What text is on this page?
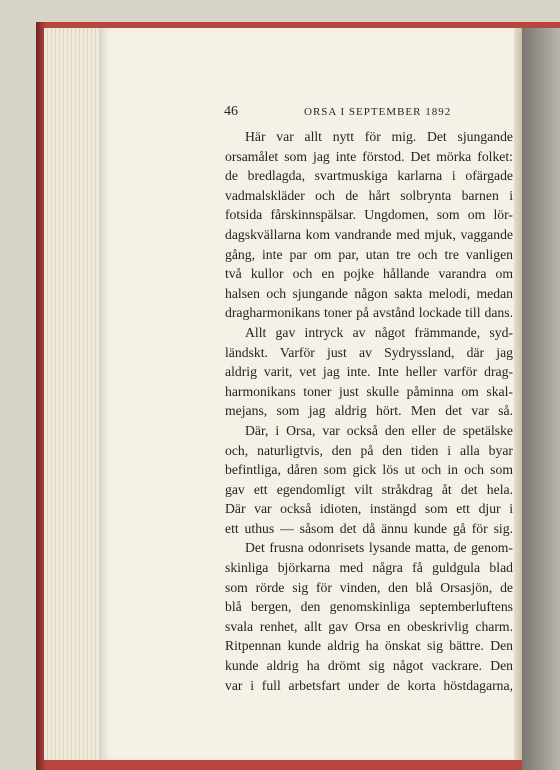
46	ORSA I SEPTEMBER 1892

Här var allt nytt för mig. Det sjungande
orsamålet som jag inte förstod. Det mörka folket:
de bredlagda, svartmuskiga karlarna i ofärgade
vadmalskläder och de hårt solbrynta barnen i
fotsida fårskinnspälsar. Ungdomen, som om lör-
dagskvällarna kom vandrande med mjuk, vaggande
gång, inte par om par, utan tre och tre vanligen
två kullor och en pojke hållande varandra om
halsen och sjungande någon sakta melodi, medan
dragharmonikans toner på avstånd lockade till dans.

Allt gav intryck av något främmande, syd-
ländskt. Varför just av Sydryssland, där jag
aldrig varit, vet jag inte. Inte heller varför drag-
harmonikans toner just skulle påminna om skal-
mejans, som jag aldrig hört. Men det var så.

Där, i Orsa, var också den eller de spetälske
och, naturligtvis, den på den tiden i alla byar
befintliga, dåren som gick lös ut och in och som
gav ett egendomligt vilt stråkdrag åt det hela.
Där var också idioten, instängd som ett djur i
ett uthus — såsom det då ännu kunde gå för sig.

Det frusna odonrisets lysande matta, de genom-
skinliga björkarna med några få guldgula blad
som rörde sig för vinden, den blå Orsasjön, de
blå bergen, den genomskinliga septemberluftens
svala renhet, allt gav Orsa en obeskrivlig charm.
Ritpennan kunde aldrig ha önskat sig bättre. Den
kunde aldrig ha drömt sig något vackrare. Den
var i full arbetsfart under de korta höstdagarna,
